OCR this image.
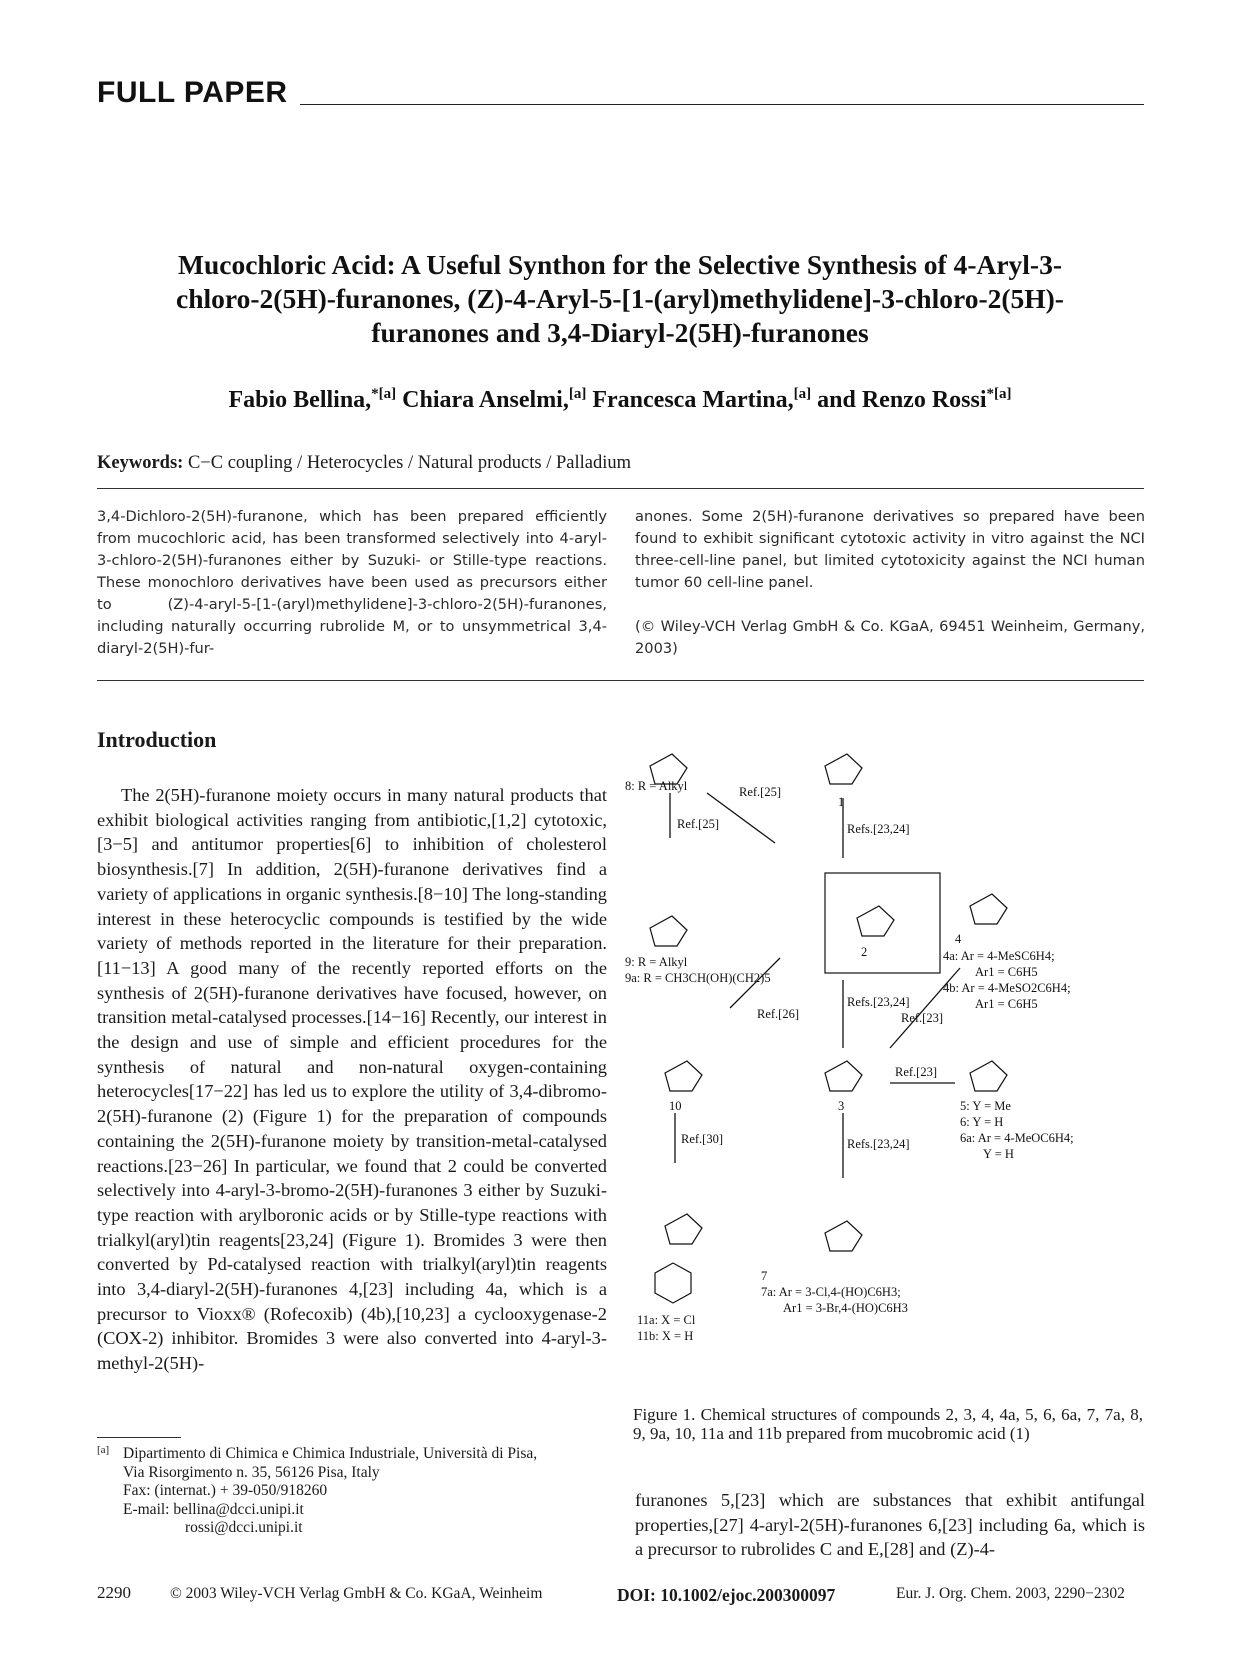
FULL PAPER
Mucochloric Acid: A Useful Synthon for the Selective Synthesis of 4-Aryl-3-
chloro-2(5H)-furanones, (Z)-4-Aryl-5-[1-(aryl)methylidene]-3-chloro-2(5H)-
furanones and 3,4-Diaryl-2(5H)-furanones
Fabio Bellina,$^{*[a]}$ Chiara Anselmi,[a] Francesca Martina,[a] and Renzo Rossi$^{*[a]}$
Keywords: C−C coupling / Heterocycles / Natural products / Palladium

3,4-Dichloro-2(5H)-furanone, which has been prepared efficiently from mucochloric acid, has been transformed selectively into 4-aryl-3-chloro-2(5H)-furanones either by Suzuki- or Stille-type reactions. These monochloro derivatives have been used as precursors either to (Z)-4-aryl-5-[1-(aryl)methylidene]-3-chloro-2(5H)-furanones, including naturally occurring rubrolide M, or to unsymmetrical 3,4-diaryl-2(5H)-fur-

anones. Some 2(5H)-furanone derivatives so prepared have been found to exhibit significant cytotoxic activity in vitro against the NCI three-cell-line panel, but limited cytotoxicity against the NCI human tumor 60 cell-line panel.

(© Wiley-VCH Verlag GmbH & Co. KGaA, 69451 Weinheim, Germany, 2003)

Introduction

The 2(5H)-furanone moiety occurs in many natural products that exhibit biological activities ranging from antibiotic,[1,2] cytotoxic,[3−5] and antitumor properties[6] to inhibition of cholesterol biosynthesis.[7] In addition, 2(5H)-furanone derivatives find a variety of applications in organic synthesis.[8−10] The long-standing interest in these heterocyclic compounds is testified by the wide variety of methods reported in the literature for their preparation.[11−13] A good many of the recently reported efforts on the synthesis of 2(5H)-furanone derivatives have focused, however, on transition metal-catalysed processes.[14−16] Recently, our interest in the design and use of simple and efficient procedures for the synthesis of natural and non-natural oxygen-containing heterocycles[17−22] has led us to explore the utility of 3,4-dibromo-2(5H)-furanone (2) (Figure 1) for the preparation of compounds containing the 2(5H)-furanone moiety by transition-metal-catalysed reactions.[23−26] In particular, we found that 2 could be converted selectively into 4-aryl-3-bromo-2(5H)-furanones 3 either by Suzuki-type reaction with arylboronic acids or by Stille-type reactions with trialkyl(aryl)tin reagents[23,24] (Figure 1). Bromides 3 were then converted by Pd-catalysed reaction with trialkyl(aryl)tin reagents into 3,4-diaryl-2(5H)-furanones 4,[23] including 4a, which is a precursor to Vioxx® (Rofecoxib) (4b),[10,23] a cyclooxygenase-2 (COX-2) inhibitor. Bromides 3 were also converted into 4-aryl-3-methyl-2(5H)-

[a] Dipartimento di Chimica e Chimica Industriale, Università di Pisa,
Via Risorgimento n. 35, 56126 Pisa, Italy
Fax: (internat.) + 39-050/918260
E-mail: bellina@dcci.unipi.it
rossi@dcci.unipi.it
8: R = Alkyl
1
2
Ref.[25]
Ref.[25]	Refs.[23,24]
4
4a: Ar = 4-MeSC6H4;
Ar1 = C6H5
4b: Ar = 4-MeSO2C6H4;
Ar1 = C6H5
9: R = Alkyl
9a: R = CH3CH(OH)(CH2)5
Ref.[26]
Refs.[23,24]
Ref.[23]
Ref.[23]
10	3	5: Y = Me
6: Y = H
6a: Ar = 4-MeOC6H4;
Y = H
Ref.[30]	Refs.[23,24]
7
7a: Ar = 3-Cl,4-(HO)C6H3;
Ar1 = 3-Br,4-(HO)C6H3
11a: X = Cl
11b: X = H
Figure 1. Chemical structures of compounds 2, 3, 4, 4a, 5, 6, 6a, 7, 7a, 8, 9, 9a, 10, 11a and 11b prepared from mucobromic acid (1)

furanones 5,[23] which are substances that exhibit antifungal properties,[27] 4-aryl-2(5H)-furanones 6,[23] including 6a, which is a precursor to rubrolides C and E,[28] and (Z)-4-

2290	© 2003 Wiley-VCH Verlag GmbH & Co. KGaA, Weinheim	DOI: 10.1002/ejoc.200300097	Eur. J. Org. Chem. 2003, 2290−2302
